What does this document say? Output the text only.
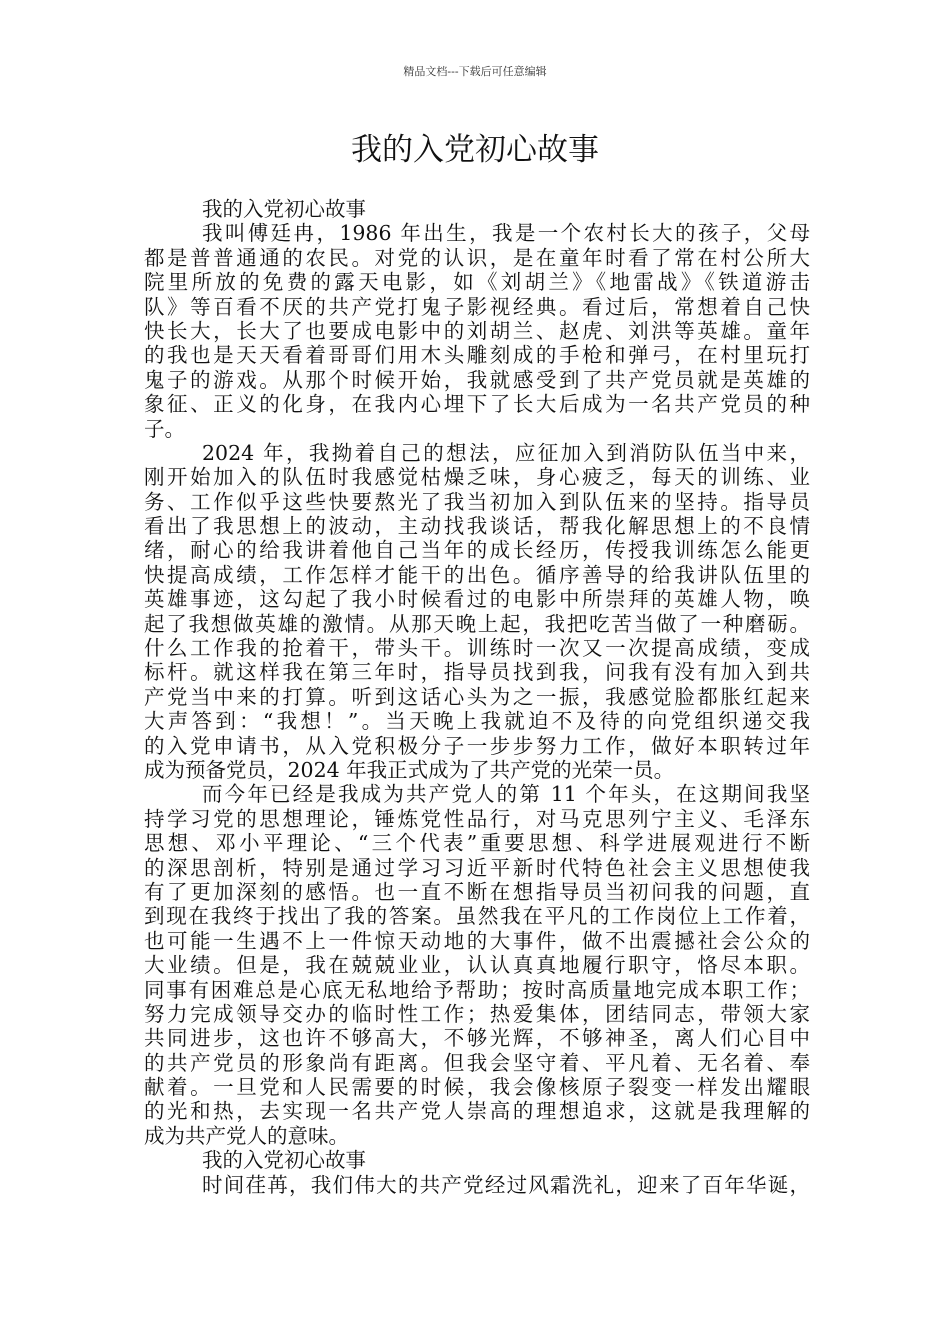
精品文档---下载后可任意编辑
我的入党初心故事
我的入党初心故事
我叫傅廷冉，1986 年出生，我是一个农村长大的孩子，父母
都是普普通通的农民。对党的认识，是在童年时看了常在村公所大
院里所放的免费的露天电影，如《刘胡兰》《地雷战》《铁道游击
队》等百看不厌的共产党打鬼子影视经典。看过后，常想着自己快
快长大，长大了也要成电影中的刘胡兰、赵虎、刘洪等英雄。童年
的我也是天天看着哥哥们用木头雕刻成的手枪和弹弓，在村里玩打
鬼子的游戏。从那个时候开始，我就感受到了共产党员就是英雄的
象征、正义的化身，在我内心埋下了长大后成为一名共产党员的种
子。
2024 年，我拗着自己的想法，应征加入到消防队伍当中来，
刚开始加入的队伍时我感觉枯燥乏味，身心疲乏，每天的训练、业
务、工作似乎这些快要熬光了我当初加入到队伍来的坚持。指导员
看出了我思想上的波动，主动找我谈话，帮我化解思想上的不良情
绪，耐心的给我讲着他自己当年的成长经历，传授我训练怎么能更
快提高成绩，工作怎样才能干的出色。循序善导的给我讲队伍里的
英雄事迹，这勾起了我小时候看过的电影中所崇拜的英雄人物，唤
起了我想做英雄的激情。从那天晚上起，我把吃苦当做了一种磨砺。
什么工作我的抢着干，带头干。训练时一次又一次提高成绩，变成
标杆。就这样我在第三年时，指导员找到我，问我有没有加入到共
产党当中来的打算。听到这话心头为之一振，我感觉脸都胀红起来
大声答到：“我想！”。当天晚上我就迫不及待的向党组织递交我
的入党申请书，从入党积极分子一步步努力工作，做好本职转过年
成为预备党员，2024 年我正式成为了共产党的光荣一员。
而今年已经是我成为共产党人的第 11 个年头，在这期间我坚
持学习党的思想理论，锤炼党性品行，对马克思列宁主义、毛泽东
思想、邓小平理论、“三个代表”重要思想、科学进展观进行不断
的深思剖析，特别是通过学习习近平新时代特色社会主义思想使我
有了更加深刻的感悟。也一直不断在想指导员当初问我的问题，直
到现在我终于找出了我的答案。虽然我在平凡的工作岗位上工作着，
也可能一生遇不上一件惊天动地的大事件，做不出震撼社会公众的
大业绩。但是，我在兢兢业业，认认真真地履行职守，恪尽本职。
同事有困难总是心底无私地给予帮助；按时高质量地完成本职工作；
努力完成领导交办的临时性工作；热爱集体，团结同志，带领大家
共同进步，这也许不够高大，不够光辉，不够神圣，离人们心目中
的共产党员的形象尚有距离。但我会坚守着、平凡着、无名着、奉
献着。一旦党和人民需要的时候，我会像核原子裂变一样发出耀眼
的光和热，去实现一名共产党人崇高的理想追求，这就是我理解的
成为共产党人的意味。
我的入党初心故事
时间荏苒，我们伟大的共产党经过风霜洗礼，迎来了百年华诞，
